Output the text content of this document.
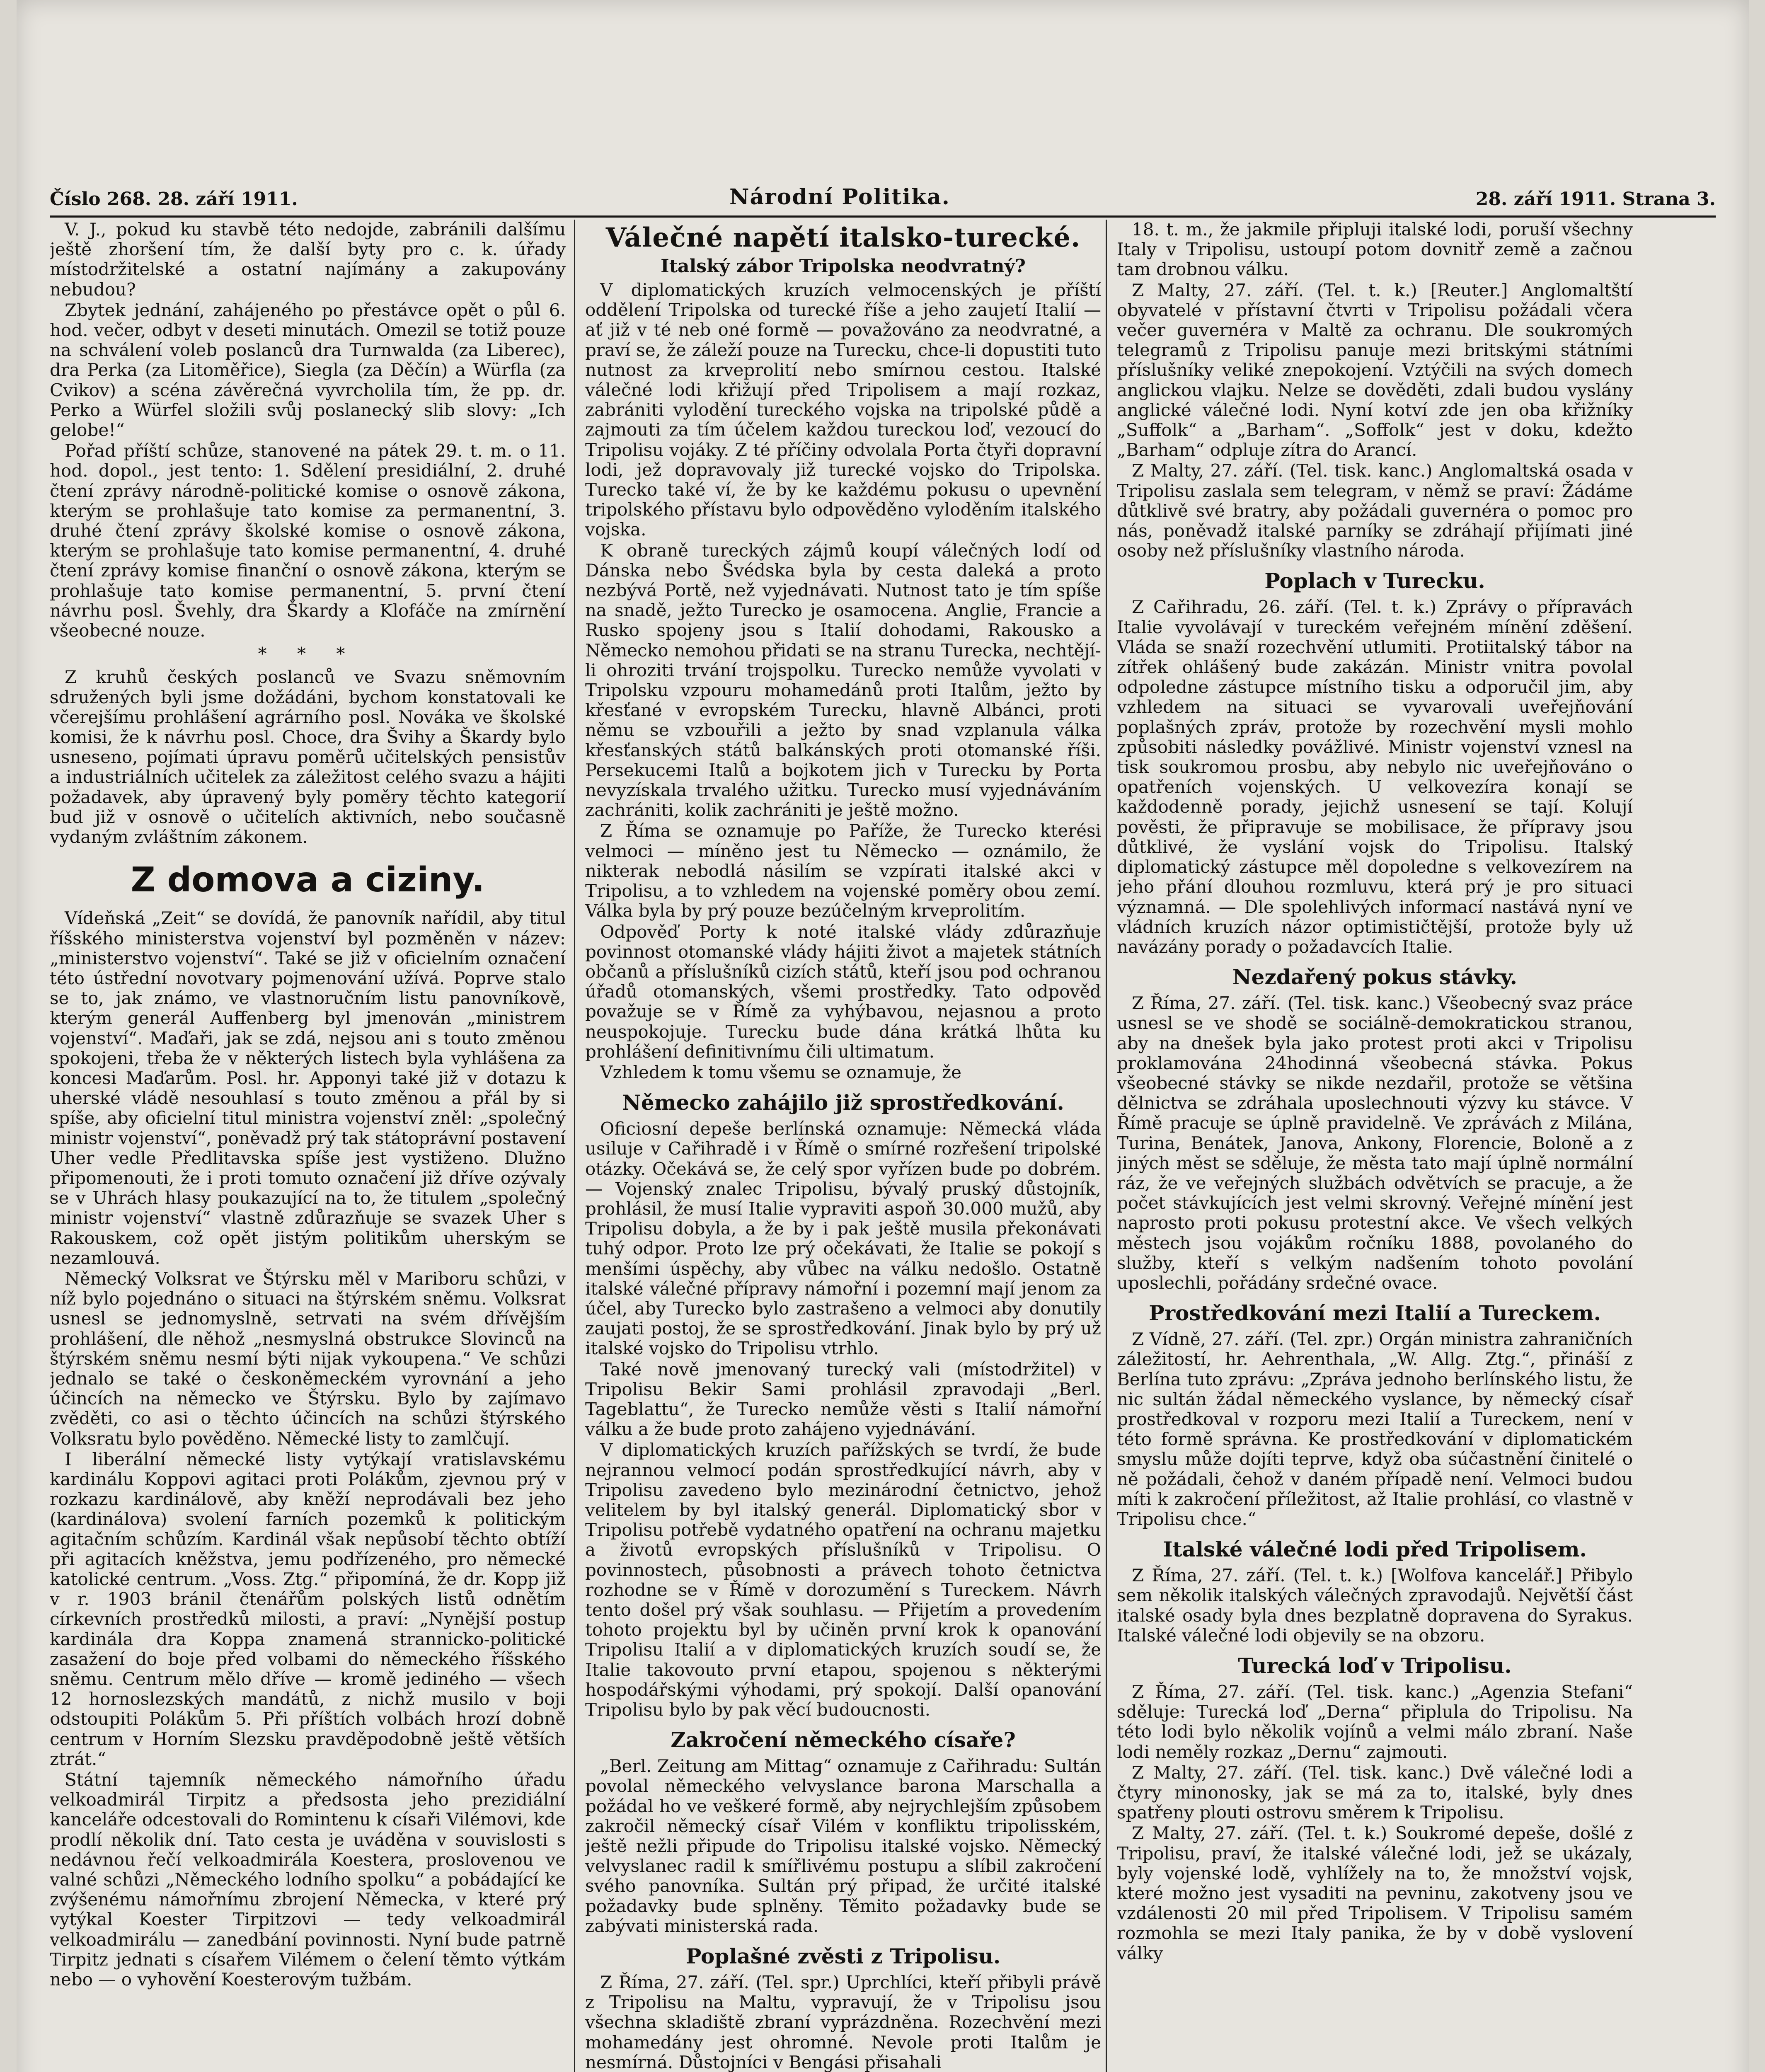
Číslo 268. 28. září 1911.	Národní Politika.	28. září 1911. Strana 3.

V. J., pokud ku stavbě této nedojde, zabránili dalšímu ještě zhoršení tím, že další byty pro c. k. úřady místodržitelské a ostatní najímány a zakupovány nebudou?

Zbytek jednání, zahájeného po přestávce opět o půl 6. hod. večer, odbyt v deseti minutách. Omezil se totiž pouze na schválení voleb poslanců dra Turnwalda (za Liberec), dra Perka (za Litoměřice), Siegla (za Děčín) a Würfla (za Cvikov) a scéna závěrečná vyvrcholila tím, že pp. dr. Perko a Würfel složili svůj poslanecký slib slovy: „Ich gelobe!“

Pořad příští schůze, stanovené na pátek 29. t. m. o 11. hod. dopol., jest tento: 1. Sdělení presidiální, 2. druhé čtení zprávy národně-politické komise o osnově zákona, kterým se prohlašuje tato komise za permanentní, 3. druhé čtení zprávy školské komise o osnově zákona, kterým se prohlašuje tato komise permanentní, 4. druhé čtení zprávy komise finanční o osnově zákona, kterým se prohlašuje tato komise permanentní, 5. první čtení návrhu posl. Švehly, dra Škardy a Klofáče na zmírnění všeobecné nouze.

* * *

Z kruhů českých poslanců ve Svazu sněmovním sdružených byli jsme dožádáni, bychom konstatovali ke včerejšímu prohlášení agrárního posl. Nováka ve školské komisi, že k návrhu posl. Choce, dra Švihy a Škardy bylo usneseno, pojímati úpravu poměrů učitelských pensistův a industriálních učitelek za záležitost celého svazu a hájiti požadavek, aby úpravený byly poměry těchto kategorií bud již v osnově o učitelích aktivních, nebo současně vydaným zvláštním zákonem.

Z domova a ciziny.

Vídeňská „Zeit“ se dovídá, že panovník nařídil, aby titul říšského ministerstva vojenství byl pozměněn v název: „ministerstvo vojenství“. Také se již v oficielním označení této ústřední novotvary pojmenování užívá. Poprve stalo se to, jak známo, ve vlastnoručním listu panovníkově, kterým generál Auffenberg byl jmenován „ministrem vojenství“. Maďaři, jak se zdá, nejsou ani s touto změnou spokojeni, třeba že v některých listech byla vyhlášena za koncesi Maďarům. Posl. hr. Apponyi také již v dotazu k uherské vládě nesouhlasí s touto změnou a přál by si spíše, aby oficielní titul ministra vojenství zněl: „společný ministr vojenství“, poněvadž prý tak státoprávní postavení Uher vedle Předlitavska spíše jest vystiženo. Dlužno připomenouti, že i proti tomuto označení již dříve ozývaly se v Uhrách hlasy poukazující na to, že titulem „společný ministr vojenství“ vlastně zdůrazňuje se svazek Uher s Rakouskem, což opět jistým politikům uherským se nezamlouvá.

Německý Volksrat ve Štýrsku měl v Mariboru schůzi, v níž bylo pojednáno o situaci na štýrském sněmu. Volksrat usnesl se jednomyslně, setrvati na svém dřívějším prohlášení, dle něhož „nesmyslná obstrukce Slovinců na štýrském sněmu nesmí býti nijak vykoupena.“ Ve schůzi jednalo se také o českoněmeckém vyrovnání a jeho účincích na německo ve Štýrsku. Bylo by zajímavo zvěděti, co asi o těchto účincích na schůzi štýrského Volksratu bylo pověděno. Německé listy to zamlčují.

I liberální německé listy vytýkají vratislavskému kardinálu Koppovi agitaci proti Polákům, zjevnou prý v rozkazu kardinálově, aby kněží neprodávali bez jeho (kardinálova) svolení farních pozemků k politickým agitačním schůzím. Kardinál však nepůsobí těchto obtíží při agitacích kněžstva, jemu podřízeného, pro německé katolické centrum. „Voss. Ztg.“ připomíná, že dr. Kopp již v r. 1903 bránil čtenářům polských listů odnětím církevních prostředků milosti, a praví: „Nynější postup kardinála dra Koppa znamená strannicko-politické zasažení do boje před volbami do německého říšského sněmu. Centrum mělo dříve — kromě jediného — všech 12 hornoslezských mandátů, z nichž musilo v boji odstoupiti Polákům 5. Při příštích volbách hrozí dobně centrum v Horním Slezsku pravděpodobně ještě větších ztrát.“

Státní tajemník německého námořního úřadu velkoadmirál Tirpitz a předsosta jeho prezidiální kanceláře odcestovali do Romintenu k císaři Vilémovi, kde prodlí několik dní. Tato cesta je uváděna v souvislosti s nedávnou řečí velkoadmirála Koestera, proslovenou ve valné schůzi „Německého lodního spolku“ a pobádající ke zvýšenému námořnímu zbrojení Německa, v které prý vytýkal Koester Tirpitzovi — tedy velkoadmirál velkoadmirálu — zanedbání povinnosti. Nyní bude patrně Tirpitz jednati s císařem Vilémem o čelení těmto výtkám nebo — o vyhovění Koesterovým tužbám.

Válečné napětí italsko-turecké.
Italský zábor Tripolska neodvratný?

V diplomatických kruzích velmocenských je příští oddělení Tripolska od turecké říše a jeho zaujetí Italií — ať již v té neb oné formě — považováno za neodvratné, a praví se, že záleží pouze na Turecku, chce-li dopustiti tuto nutnost za krveprolití nebo smírnou cestou. Italské válečné lodi křižují před Tripolisem a mají rozkaz, zabrániti vylodění tureckého vojska na tripolské půdě a zajmouti za tím účelem každou tureckou loď, vezoucí do Tripolisu vojáky. Z té příčiny odvolala Porta čtyři dopravní lodi, jež dopravovaly již turecké vojsko do Tripolska. Turecko také ví, že by ke každému pokusu o upevnění tripolského přístavu bylo odpověděno vyloděním italského vojska.

K obraně tureckých zájmů koupí válečných lodí od Dánska nebo Švédska byla by cesta daleká a proto nezbývá Portě, než vyjednávati. Nutnost tato je tím spíše na snadě, ježto Turecko je osamocena. Anglie, Francie a Rusko spojeny jsou s Italií dohodami, Rakousko a Německo nemohou přidati se na stranu Turecka, nechtějí-li ohroziti trvání trojspolku. Turecko nemůže vyvolati v Tripolsku vzpouru mohamedánů proti Italům, ježto by křesťané v evropském Turecku, hlavně Albánci, proti němu se vzbouřili a ježto by snad vzplanula válka křesťanských států balkánských proti otomanské říši. Persekucemi Italů a bojkotem jich v Turecku by Porta nevyzískala trvalého užitku. Turecko musí vyjednáváním zachrániti, kolik zachrániti je ještě možno.

Z Říma se oznamuje po Paříže, že Turecko kterési velmoci — míněno jest tu Německo — oznámilo, že nikterak nebodlá násilím se vzpírati italské akci v Tripolisu, a to vzhledem na vojenské poměry obou zemí. Válka byla by prý pouze bezúčelným krveprolitím.

Odpověď Porty k noté italské vlády zdůrazňuje povinnost otomanské vlády hájiti život a majetek státních občanů a příslušníků cizích států, kteří jsou pod ochranou úřadů otomanských, všemi prostředky. Tato odpověď považuje se v Římě za vyhýbavou, nejasnou a proto neuspokojuje. Turecku bude dána krátká lhůta ku prohlášení definitivnímu čili ultimatum.

Vzhledem k tomu všemu se oznamuje, že

Německo zahájilo již sprostředkování.

Oficiosní depeše berlínská oznamuje: Německá vláda usiluje v Cařihradě i v Římě o smírné rozřešení tripolské otázky. Očekává se, že celý spor vyřízen bude po dobrém. — Vojenský znalec Tripolisu, bývalý pruský důstojník, prohlásil, že musí Italie vypraviti aspoň 30.000 mužů, aby Tripolisu dobyla, a že by i pak ještě musila překonávati tuhý odpor. Proto lze prý očekávati, že Italie se pokojí s menšími úspěchy, aby vůbec na válku nedošlo. Ostatně italské válečné přípravy námořní i pozemní mají jenom za účel, aby Turecko bylo zastrašeno a velmoci aby donutily zaujati postoj, že se sprostředkování. Jinak bylo by prý už italské vojsko do Tripolisu vtrhlo.

Také nově jmenovaný turecký vali (místodržitel) v Tripolisu Bekir Sami prohlásil zpravodaji „Berl. Tageblattu“, že Turecko nemůže věsti s Italií námořní válku a že bude proto zahájeno vyjednávání.

V diplomatických kruzích pařížských se tvrdí, že bude nejrannou velmocí podán sprostředkující návrh, aby v Tripolisu zavedeno bylo mezinárodní četnictvo, jehož velitelem by byl italský generál. Diplomatický sbor v Tripolisu potřebě vydatného opatření na ochranu majetku a životů evropských příslušníků v Tripolisu. O povinnostech, působnosti a právech tohoto četnictva rozhodne se v Římě v dorozumění s Tureckem. Návrh tento došel prý však souhlasu. — Přijetím a provedením tohoto projektu byl by učiněn první krok k opanování Tripolisu Italií a v diplomatických kruzích soudí se, že Italie takovouto první etapou, spojenou s některými hospodářskými výhodami, prý spokojí. Další opanování Tripolisu bylo by pak věcí budoucnosti.

Zakročení německého císaře?

„Berl. Zeitung am Mittag“ oznamuje z Cařihradu: Sultán povolal německého velvyslance barona Marschalla a požádal ho ve veškeré formě, aby nejrychlejším způsobem zakročil německý císař Vilém v konfliktu tripolisském, ještě nežli připude do Tripolisu italské vojsko. Německý velvyslanec radil k smířlivému postupu a slíbil zakročení svého panovníka. Sultán prý připad, že určité italské požadavky bude splněny. Těmito požadavky bude se zabývati ministerská rada.

Poplašné zvěsti z Tripolisu.

Z Říma, 27. září. (Tel. spr.) Uprchlíci, kteří přibyli právě z Tripolisu na Maltu, vypravují, že v Tripolisu jsou všechna skladiště zbraní vyprázdněna. Rozechvění mezi mohamedány jest ohromné. Nevole proti Italům je nesmírná. Důstojníci v Bengási přisahali

18. t. m., že jakmile připluji italské lodi, poruší všechny Italy v Tripolisu, ustoupí potom dovnitř země a začnou tam drobnou válku.

Z Malty, 27. září. (Tel. t. k.) [Reuter.] Anglomaltští obyvatelé v přístavní čtvrti v Tripolisu požádali včera večer guvernéra v Maltě za ochranu. Dle soukromých telegramů z Tripolisu panuje mezi britskými státními příslušníky veliké znepokojení. Vztýčili na svých domech anglickou vlajku. Nelze se dověděti, zdali budou vyslány anglické válečné lodi. Nyní kotví zde jen oba křižníky „Suffolk“ a „Barham“. „Soffolk“ jest v doku, kdežto „Barham“ odpluje zítra do Arancí.

Z Malty, 27. září. (Tel. tisk. kanc.) Anglomaltská osada v Tripolisu zaslala sem telegram, v němž se praví: Žádáme důtklivě své bratry, aby požádali guvernéra o pomoc pro nás, poněvadž italské parníky se zdráhají přijímati jiné osoby než příslušníky vlastního národa.

Poplach v Turecku.

Z Cařihradu, 26. září. (Tel. t. k.) Zprávy o přípravách Italie vyvolávají v tureckém veřejném mínění zděšení. Vláda se snaží rozechvění utlumiti. Protiitalský tábor na zítřek ohlášený bude zakázán. Ministr vnitra povolal odpoledne zástupce místního tisku a odporučil jim, aby vzhledem na situaci se vyvarovali uveřejňování poplašných zpráv, protože by rozechvění mysli mohlo způsobiti následky povážlivé. Ministr vojenství vznesl na tisk soukromou prosbu, aby nebylo nic uveřejňováno o opatřeních vojenských. U velkovezíra konají se každodenně porady, jejichž usnesení se tají. Kolují pověsti, že připravuje se mobilisace, že přípravy jsou důtklivé, že vyslání vojsk do Tripolisu. Italský diplomatický zástupce měl dopoledne s velkovezírem na jeho přání dlouhou rozmluvu, která prý je pro situaci významná. — Dle spolehlivých informací nastává nyní ve vládních kruzích názor optimističtější, protože byly už navázány porady o požadavcích Italie.

Nezdařený pokus stávky.

Z Říma, 27. září. (Tel. tisk. kanc.) Všeobecný svaz práce usnesl se ve shodě se sociálně-demokratickou stranou, aby na dnešek byla jako protest proti akci v Tripolisu proklamována 24hodinná všeobecná stávka. Pokus všeobecné stávky se nikde nezdařil, protože se většina dělnictva se zdráhala uposlechnouti výzvy ku stávce. V Římě pracuje se úplně pravidelně. Ve zprávách z Milána, Turina, Benátek, Janova, Ankony, Florencie, Boloně a z jiných měst se sděluje, že města tato mají úplně normální ráz, že ve veřejných službách odvětvích se pracuje, a že počet stávkujících jest velmi skrovný. Veřejné mínění jest naprosto proti pokusu protestní akce. Ve všech velkých městech jsou vojákům ročníku 1888, povolaného do služby, kteří s velkým nadšením tohoto povolání uposlechli, pořádány srdečné ovace.

Prostředkování mezi Italií a Tureckem.

Z Vídně, 27. září. (Tel. zpr.) Orgán ministra zahraničních záležitostí, hr. Aehrenthala, „W. Allg. Ztg.“, přináší z Berlína tuto zprávu: „Zpráva jednoho berlínského listu, že nic sultán žádal německého vyslance, by německý císař prostředkoval v rozporu mezi Italií a Tureckem, není v této formě správna. Ke prostředkování v diplomatickém smyslu může dojíti teprve, když oba súčastnění činitelé o ně požádali, čehož v daném případě není. Velmoci budou míti k zakročení příležitost, až Italie prohlásí, co vlastně v Tripolisu chce.“

Italské válečné lodi před Tripolisem.

Z Říma, 27. září. (Tel. t. k.) [Wolfova kancelář.] Přibylo sem několik italských válečných zpravodajů. Největší část italské osady byla dnes bezplatně dopravena do Syrakus. Italské válečné lodi objevily se na obzoru.

Turecká loď v Tripolisu.

Z Říma, 27. září. (Tel. tisk. kanc.) „Agenzia Stefani“ sděluje: Turecká loď „Derna“ připlula do Tripolisu. Na této lodi bylo několik vojínů a velmi málo zbraní. Naše lodi neměly rozkaz „Dernu“ zajmouti.

Z Malty, 27. září. (Tel. tisk. kanc.) Dvě válečné lodi a čtyry minonosky, jak se má za to, italské, byly dnes spatřeny plouti ostrovu směrem k Tripolisu.

Z Malty, 27. září. (Tel. t. k.) Soukromé depeše, došlé z Tripolisu, praví, že italské válečné lodi, jež se ukázaly, byly vojenské lodě, vyhlížely na to, že množství vojsk, které možno jest vysaditi na pevninu, zakotveny jsou ve vzdálenosti 20 mil před Tripolisem. V Tripolisu samém rozmohla se mezi Italy panika, že by v době vyslovení války
